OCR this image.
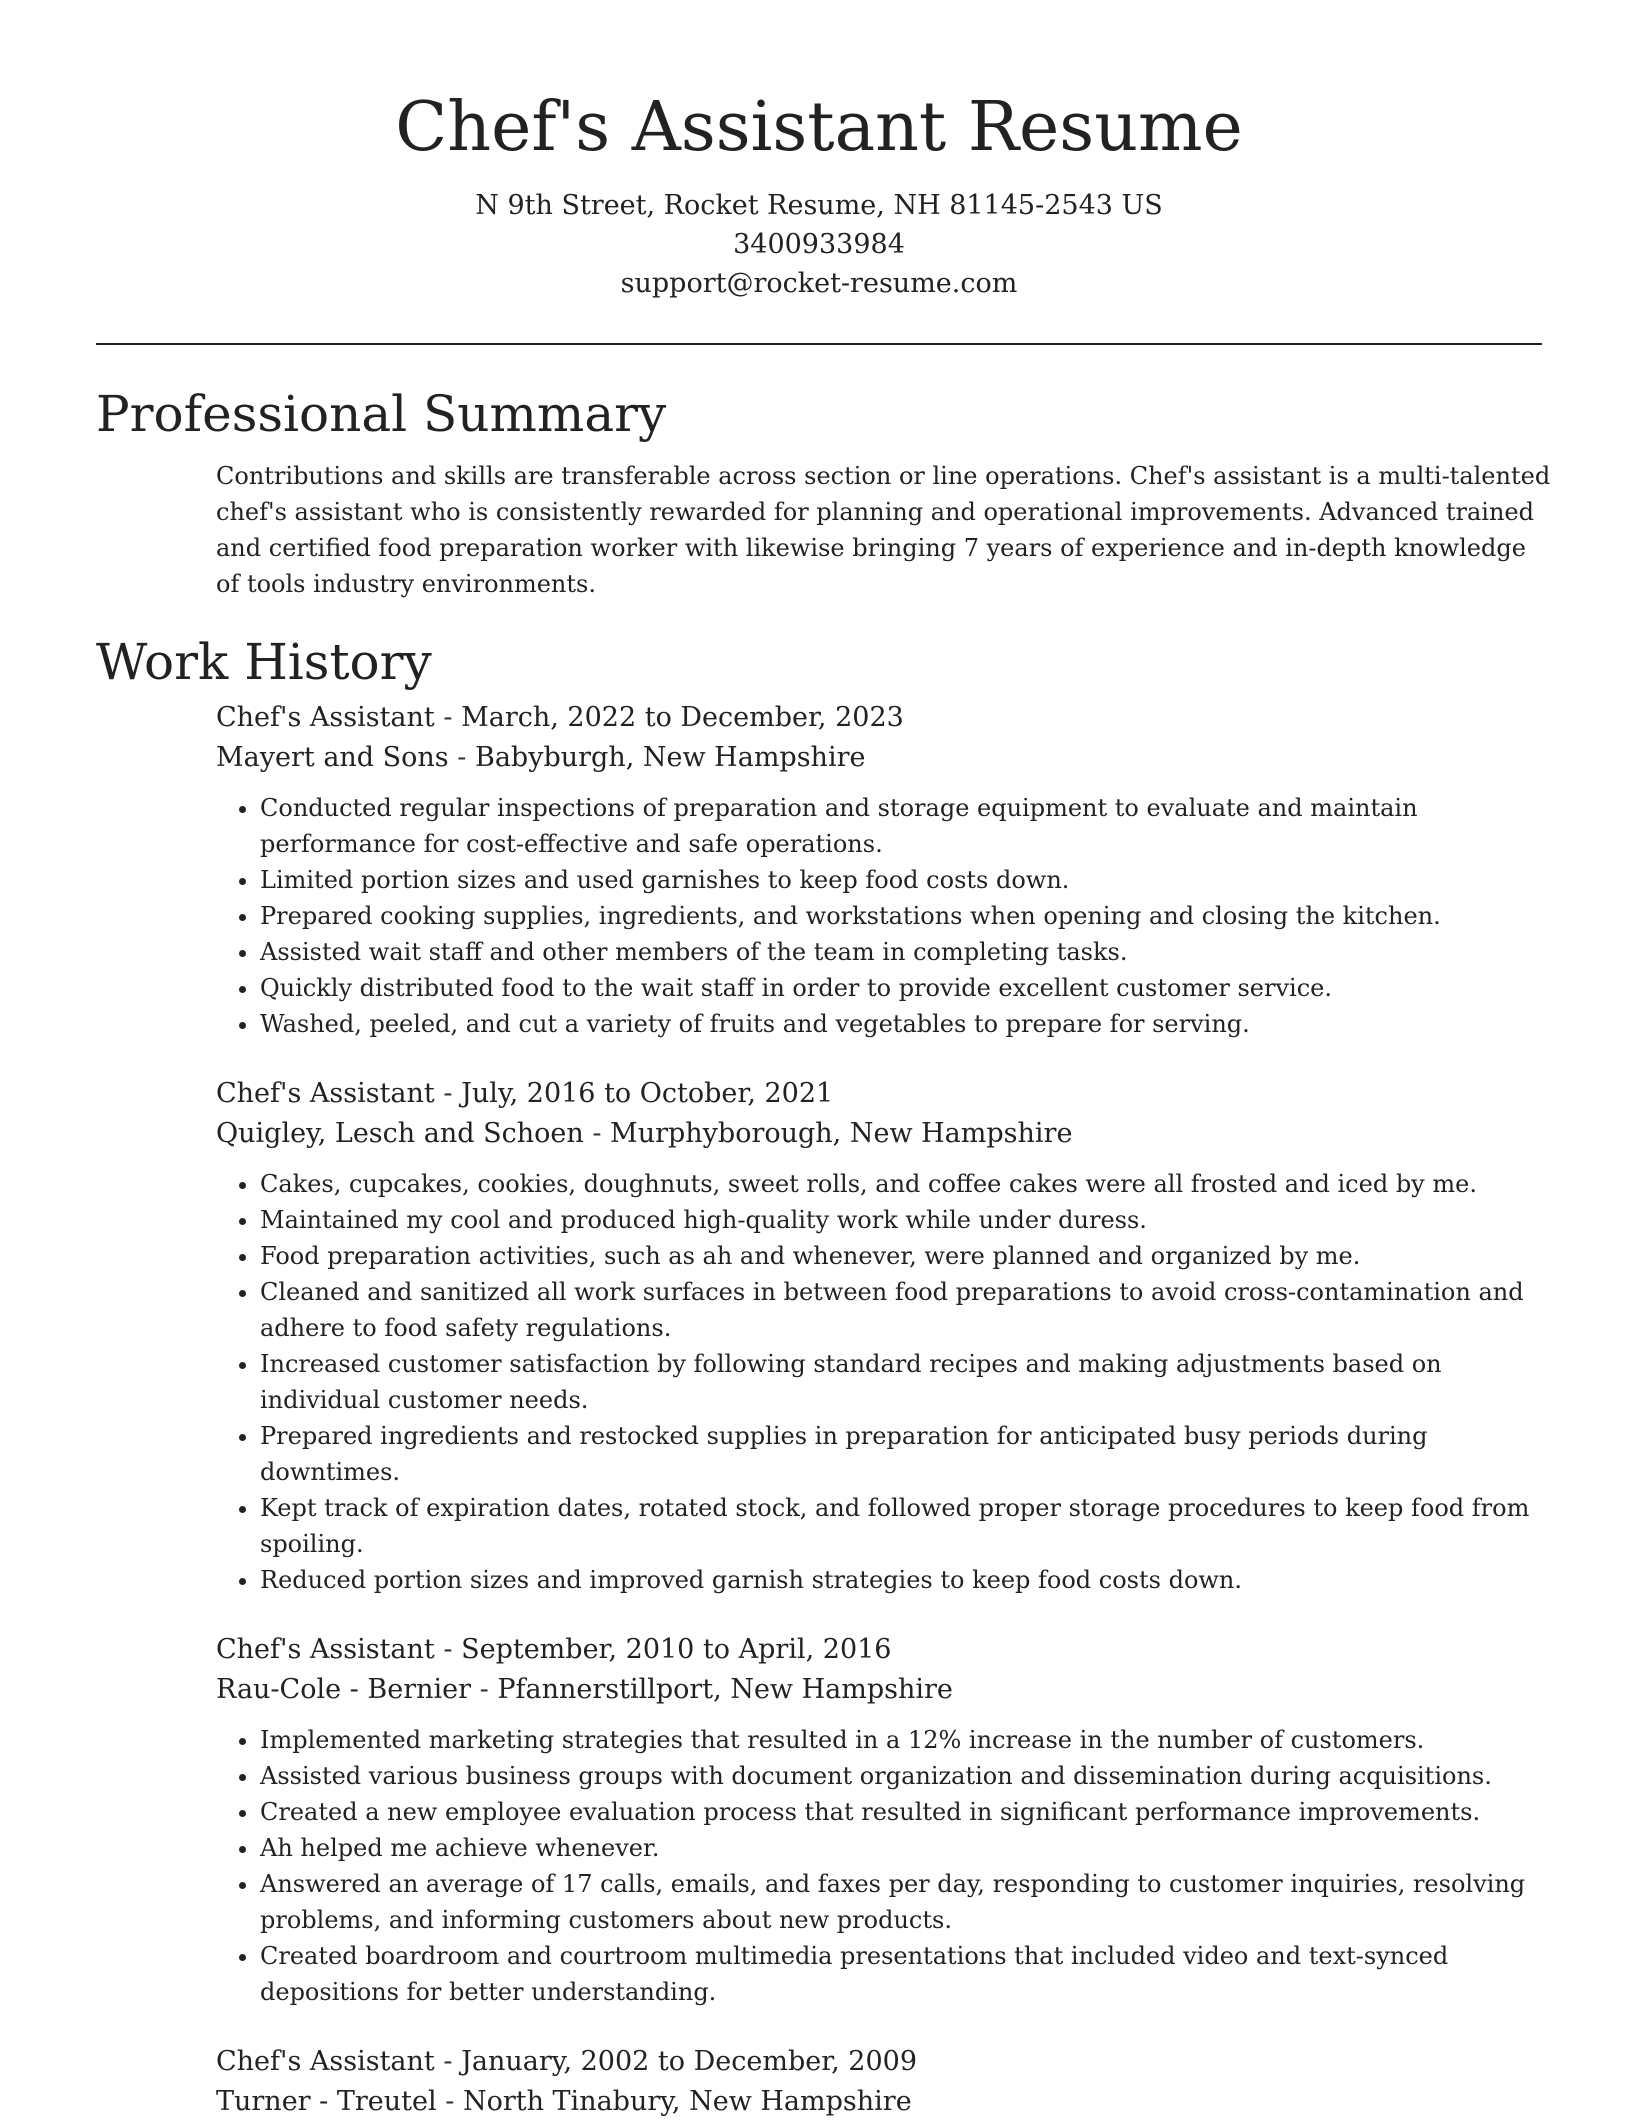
Chef's Assistant Resume

N 9th Street, Rocket Resume, NH 81145-2543 US

3400933984

support@rocket-resume.com

Professional Summary

Contributions and skills are transferable across section or line operations. Chef's assistant is a multi-talented chef's assistant who is consistently rewarded for planning and operational improvements. Advanced trained and certified food preparation worker with likewise bringing 7 years of experience and in-depth knowledge of tools industry environments.

Work History

Chef's Assistant - March, 2022 to December, 2023

Mayert and Sons - Babyburgh, New Hampshire

• Conducted regular inspections of preparation and storage equipment to evaluate and maintain performance for cost-effective and safe operations.
• Limited portion sizes and used garnishes to keep food costs down.
• Prepared cooking supplies, ingredients, and workstations when opening and closing the kitchen.
• Assisted wait staff and other members of the team in completing tasks.
• Quickly distributed food to the wait staff in order to provide excellent customer service.
• Washed, peeled, and cut a variety of fruits and vegetables to prepare for serving.

Chef's Assistant - July, 2016 to October, 2021

Quigley, Lesch and Schoen - Murphyborough, New Hampshire

• Cakes, cupcakes, cookies, doughnuts, sweet rolls, and coffee cakes were all frosted and iced by me.
• Maintained my cool and produced high-quality work while under duress.
• Food preparation activities, such as ah and whenever, were planned and organized by me.
• Cleaned and sanitized all work surfaces in between food preparations to avoid cross-contamination and adhere to food safety regulations.
• Increased customer satisfaction by following standard recipes and making adjustments based on individual customer needs.
• Prepared ingredients and restocked supplies in preparation for anticipated busy periods during downtimes.
• Kept track of expiration dates, rotated stock, and followed proper storage procedures to keep food from spoiling.
• Reduced portion sizes and improved garnish strategies to keep food costs down.

Chef's Assistant - September, 2010 to April, 2016

Rau-Cole - Bernier - Pfannerstillport, New Hampshire

• Implemented marketing strategies that resulted in a 12% increase in the number of customers.
• Assisted various business groups with document organization and dissemination during acquisitions.
• Created a new employee evaluation process that resulted in significant performance improvements.
• Ah helped me achieve whenever.
• Answered an average of 17 calls, emails, and faxes per day, responding to customer inquiries, resolving problems, and informing customers about new products.
• Created boardroom and courtroom multimedia presentations that included video and text-synced depositions for better understanding.

Chef's Assistant - January, 2002 to December, 2009

Turner - Treutel - North Tinabury, New Hampshire
